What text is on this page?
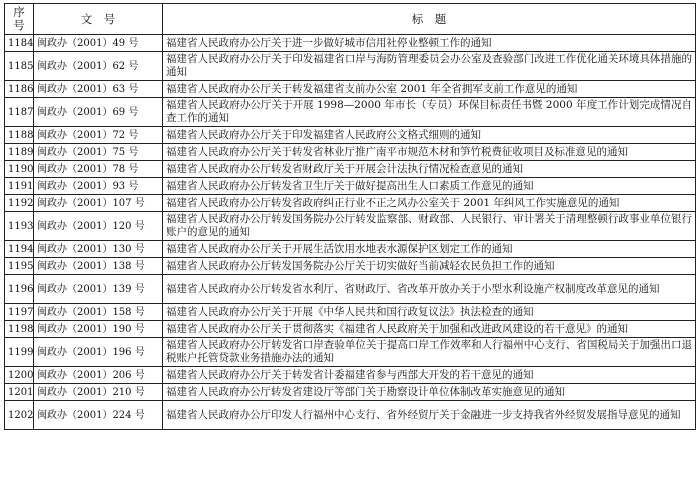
序
号	文　号	标　题
1184	闽政办（2001）49 号	福建省人民政府办公厅关于进一步做好城市信用社停业整顿工作的通知
1185	闽政办（2001）62 号	福建省人民政府办公厅关于印发福建省口岸与海防管理委员会办公室及查验部门改进工作优化通关环境具体措施的通知
1186	闽政办（2001）63 号	福建省人民政府办公厅关于转发福建省支前办公室 2001 年全省拥军支前工作意见的通知
1187	闽政办（2001）69 号	福建省人民政府办公厅关于开展 1998—2000 年市长（专员）环保目标责任书暨 2000 年度工作计划完成情况自查工作的通知
1188	闽政办（2001）72 号	福建省人民政府办公厅关于印发福建省人民政府公文格式细则的通知
1189	闽政办（2001）75 号	福建省人民政府办公厅关于转发省林业厅推广南平市规范木材和笋竹税费征收项目及标准意见的通知
1190	闽政办（2001）78 号	福建省人民政府办公厅转发省财政厅关于开展会计法执行情况检查意见的通知
1191	闽政办（2001）93 号	福建省人民政府办公厅转发省卫生厅关于做好提高出生人口素质工作意见的通知
1192	闽政办（2001）107 号	福建省人民政府办公厅转发省政府纠正行业不正之风办公室关于 2001 年纠风工作实施意见的通知
1193	闽政办（2001）120 号	福建省人民政府办公厅转发国务院办公厅转发监察部、财政部、人民银行、审计署关于清理整顿行政事业单位银行账户的意见的通知
1194	闽政办（2001）130 号	福建省人民政府办公厅关于开展生活饮用水地表水源保护区划定工作的通知
1195	闽政办（2001）138 号	福建省人民政府办公厅转发国务院办公厅关于切实做好当前减轻农民负担工作的通知
1196	闽政办（2001）139 号	福建省人民政府办公厅转发省水利厅、省财政厅、省改革开放办关于小型水利设施产权制度改革意见的通知
1197	闽政办（2001）158 号	福建省人民政府办公厅关于开展《中华人民共和国行政复议法》执法检查的通知
1198	闽政办（2001）190 号	福建省人民政府办公厅关于贯彻落实《福建省人民政府关于加强和改进政风建设的若干意见》的通知
1199	闽政办（2001）196 号	福建省人民政府办公厅转发省口岸查验单位关于提高口岸工作效率和人行福州中心支行、省国税局关于加强出口退税账户托管贷款业务措施办法的通知
1200	闽政办（2001）206 号	福建省人民政府办公厅关于转发省计委福建省参与西部大开发的若干意见的通知
1201	闽政办（2001）210 号	福建省人民政府办公厅转发省建设厅等部门关于勘察设计单位体制改革实施意见的通知
1202	闽政办（2001）224 号	福建省人民政府办公厅印发人行福州中心支行、省外经贸厅关于金融进一步支持我省外经贸发展指导意见的通知
